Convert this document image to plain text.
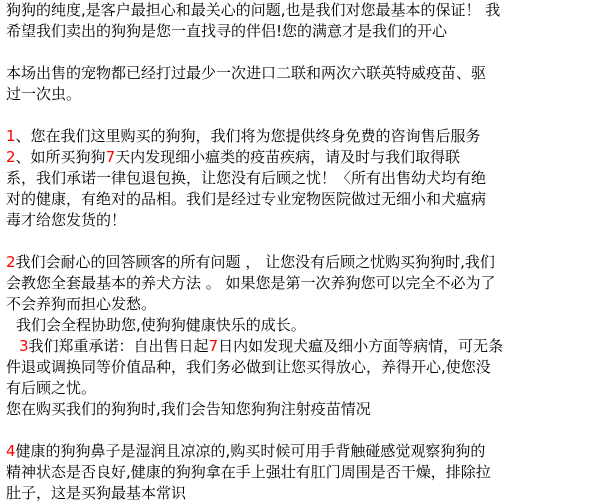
狗狗的纯度,是客户最担心和最关心的问题,也是我们对您最基本的保证！ 我
希望我们卖出的狗狗是您一直找寻的伴侣!您的满意才是我们的开心
本场出售的宠物都已经打过最少一次进口二联和两次六联英特威疫苗、驱
过一次虫。
1、您在我们这里购买的狗狗，我们将为您提供终身免费的咨询售后服务
2、如所买狗狗7天内发现细小瘟类的疫苗疾病，请及时与我们取得联
系，我们承诺一律包退包换，让您没有后顾之忧！〈所有出售幼犬均有绝
对的健康，有绝对的品相。我们是经过专业宠物医院做过无细小和犬瘟病
毒才给您发货的！
2我们会耐心的回答顾客的所有问题 ， 让您没有后顾之忧购买狗狗时,我们
会教您全套最基本的养犬方法 。 如果您是第一次养狗您可以完全不必为了
不会养狗而担心发愁。
我们会全程协助您,使狗狗健康快乐的成长。
3我们郑重承诺：自出售日起7日内如发现犬瘟及细小方面等病情，可无条
件退或调换同等价值品种，我们务必做到让您买得放心，养得开心,使您没
有后顾之忧。
您在购买我们的狗狗时,我们会告知您狗狗注射疫苗情况
4健康的狗狗鼻子是湿润且凉凉的,购买时候可用手背触碰感觉观察狗狗的
精神状态是否良好,健康的狗狗拿在手上强壮有肛门周围是否干燥，排除拉
肚子，这是买狗最基本常识
